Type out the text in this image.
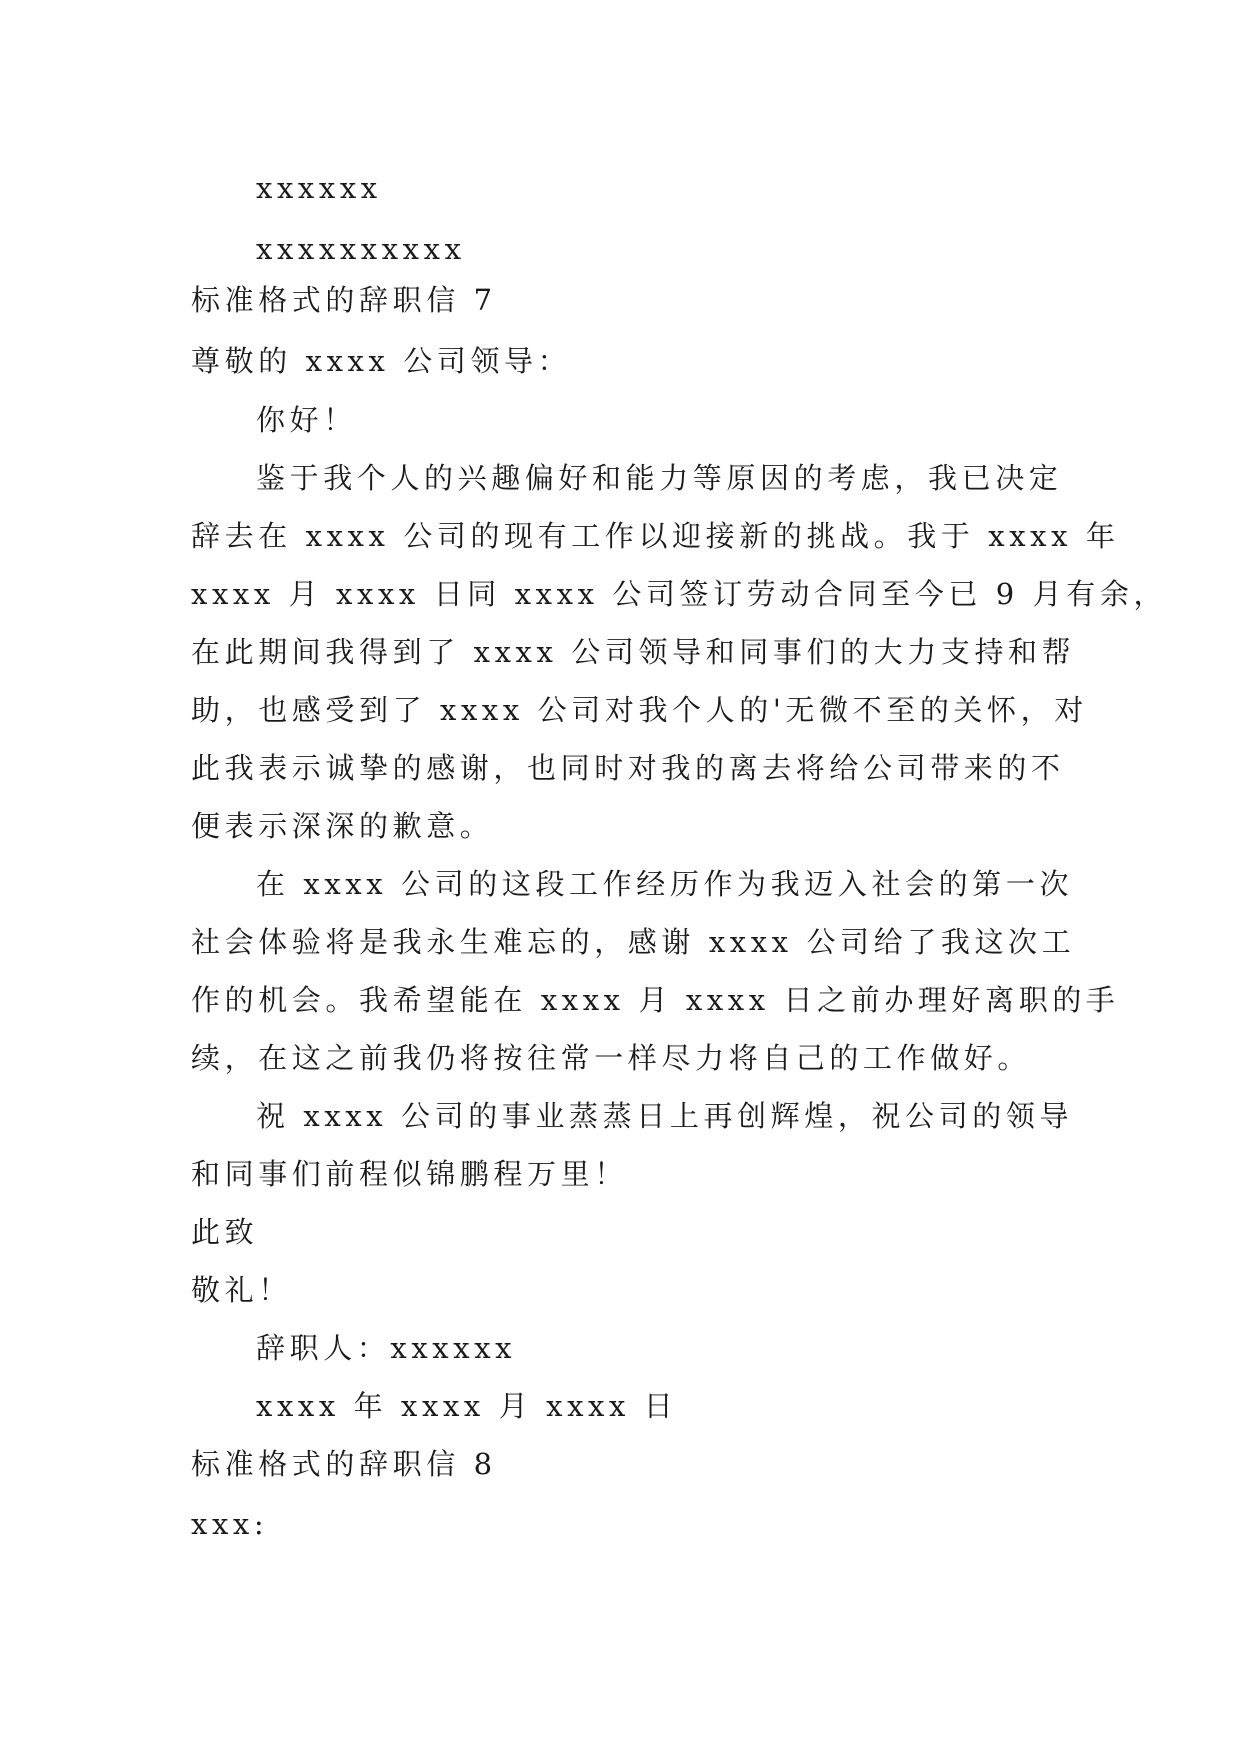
xxxxxx
xxxxxxxxxx
标准格式的辞职信 7
尊敬的 xxxx 公司领导：
你好！
鉴于我个人的兴趣偏好和能力等原因的考虑，我已决定
辞去在 xxxx 公司的现有工作以迎接新的挑战。我于 xxxx 年
xxxx 月 xxxx 日同 xxxx 公司签订劳动合同至今已 9 月有余，
在此期间我得到了 xxxx 公司领导和同事们的大力支持和帮
助，也感受到了 xxxx 公司对我个人的'无微不至的关怀，对
此我表示诚挚的感谢，也同时对我的离去将给公司带来的不
便表示深深的歉意。
在 xxxx 公司的这段工作经历作为我迈入社会的第一次
社会体验将是我永生难忘的，感谢 xxxx 公司给了我这次工
作的机会。我希望能在 xxxx 月 xxxx 日之前办理好离职的手
续，在这之前我仍将按往常一样尽力将自己的工作做好。
祝 xxxx 公司的事业蒸蒸日上再创辉煌，祝公司的领导
和同事们前程似锦鹏程万里！
此致
敬礼！
辞职人：xxxxxx
xxxx 年 xxxx 月 xxxx 日
标准格式的辞职信 8
xxx:
